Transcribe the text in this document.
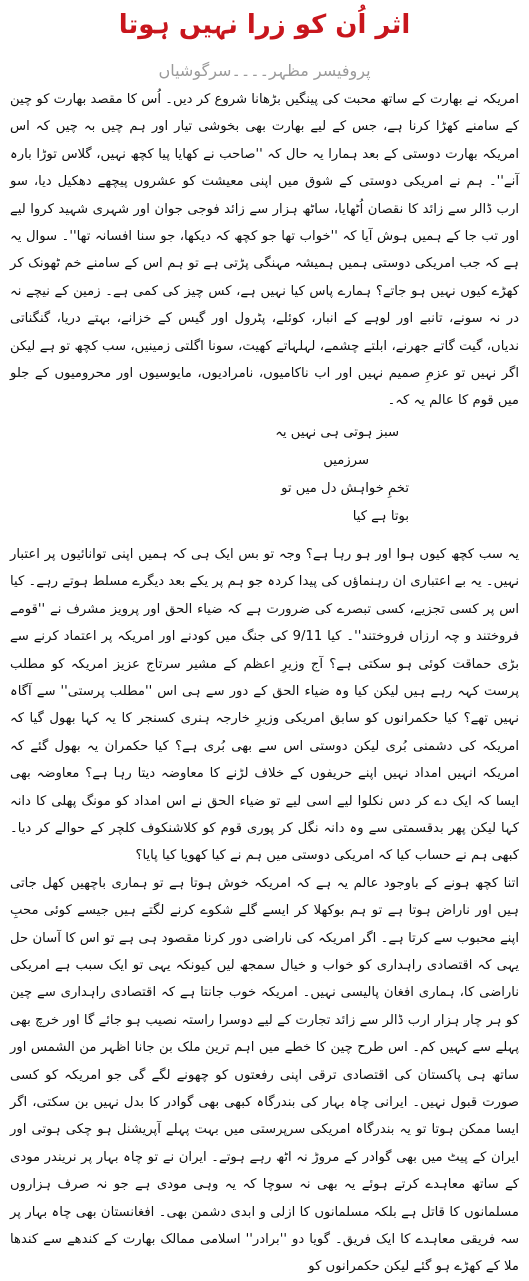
اثر اُن کو زرا نہیں ہوتا
پروفیسر مظہر۔۔۔۔سرگوشیاں

امریکہ نے بھارت کے ساتھ محبت کی پینگیں بڑھانا شروع کر دیں۔ اُس کا مقصد بھارت کو چین کے سامنے کھڑا کرنا ہے، جس کے لیے بھارت بھی بخوشی تیار اور ہم چیں بہ چیں کہ اس امریکہ بھارت دوستی کے بعد ہمارا یہ حال کہ ''صاحب نے کھایا پیا کچھ نہیں، گلاس توڑا بارہ آنے''۔ ہم نے امریکی دوستی کے شوق میں اپنی معیشت کو عشروں پیچھے دھکیل دیا، سو ارب ڈالر سے زائد کا نقصان اُٹھایا، ساٹھ ہزار سے زائد فوجی جوان اور شہری شہید کروا لیے اور تب جا کے ہمیں ہوش آیا کہ ''خواب تھا جو کچھ کہ دیکھا، جو سنا افسانہ تھا''۔ سوال یہ ہے کہ جب امریکی دوستی ہمیں ہمیشہ مہنگی پڑتی ہے تو ہم اس کے سامنے خم ٹھونک کر کھڑے کیوں نہیں ہو جاتے؟ ہمارے پاس کیا نہیں ہے، کس چیز کی کمی ہے۔ زمین کے نیچے نہ در نہ سونے، تانبے اور لوہے کے انبار، کوئلے، پٹرول اور گیس کے خزانے، بہتے دریا، گنگناتی ندیاں، گیت گاتے جھرنے، ابلتے چشمے، لہلہاتے کھیت، سونا اگلتی زمینیں، سب کچھ تو ہے لیکن اگر نہیں تو عزمِ صمیم نہیں اور اب ناکامیوں، نامرادیوں، مایوسیوں اور محرومیوں کے جلو میں قوم کا عالم یہ کہ۔

سبز ہوتی ہی نہیں یہ

سرزمیں

تخمِ خواہش دل میں تو

بوتا ہے کیا

یہ سب کچھ کیوں ہوا اور ہو رہا ہے؟ وجہ تو بس ایک ہی کہ ہمیں اپنی توانائیوں پر اعتبار نہیں۔ یہ بے اعتباری ان رہنماؤں کی پیدا کردہ جو ہم پر یکے بعد دیگرے مسلط ہوتے رہے۔ کیا اس پر کسی تجزیے، کسی تبصرے کی ضرورت ہے کہ ضیاء الحق اور پرویز مشرف نے ''قومے فروختند و چہ ارزاں فروختند''۔ کیا 9/11 کی جنگ میں کودنے اور امریکہ پر اعتماد کرنے سے بڑی حماقت کوئی ہو سکتی ہے؟ آج وزیرِ اعظم کے مشیر سرتاج عزیز امریکہ کو مطلب پرست کہہ رہے ہیں لیکن کیا وہ ضیاء الحق کے دور سے ہی اس ''مطلب پرستی'' سے آگاہ نہیں تھے؟ کیا حکمرانوں کو سابق امریکی وزیرِ خارجہ ہنری کسنجر کا یہ کہا بھول گیا کہ امریکہ کی دشمنی بُری لیکن دوستی اس سے بھی بُری ہے؟ کیا حکمران یہ بھول گئے کہ امریکہ انہیں امداد نہیں اپنے حریفوں کے خلاف لڑنے کا معاوضہ دیتا رہا ہے؟ معاوضہ بھی ایسا کہ ایک دے کر دس نکلوا لیے اسی لیے تو ضیاء الحق نے اس امداد کو مونگ پھلی کا دانہ کہا لیکن پھر بدقسمتی سے وہ دانہ نگل کر پوری قوم کو کلاشنکوف کلچر کے حوالے کر دیا۔ کبھی ہم نے حساب کیا کہ امریکی دوستی میں ہم نے کیا کھویا کیا پایا؟

اتنا کچھ ہونے کے باوجود عالم یہ ہے کہ امریکہ خوش ہوتا ہے تو ہماری باچھیں کھل جاتی ہیں اور ناراض ہوتا ہے تو ہم بوکھلا کر ایسے گلے شکوے کرنے لگتے ہیں جیسے کوئی محبِ اپنے محبوب سے کرتا ہے۔ اگر امریکہ کی ناراضی دور کرنا مقصود ہی ہے تو اس کا آسان حل یہی کہ اقتصادی راہداری کو خواب و خیال سمجھ لیں کیونکہ یہی تو ایک سبب ہے امریکی ناراضی کا، ہماری افغان پالیسی نہیں۔ امریکہ خوب جانتا ہے کہ اقتصادی راہداری سے چین کو ہر چار ہزار ارب ڈالر سے زائد تجارت کے لیے دوسرا راستہ نصیب ہو جائے گا اور خرچ بھی پہلے سے کہیں کم۔ اس طرح چین کا خطے میں اہم ترین ملک بن جانا اظہر من الشمس اور ساتھ ہی پاکستان کی اقتصادی ترقی اپنی رفعتوں کو چھونے لگے گی جو امریکہ کو کسی صورت قبول نہیں۔ ایرانی چاہ بہار کی بندرگاہ کبھی بھی گوادر کا بدل نہیں بن سکتی، اگر ایسا ممکن ہوتا تو یہ بندرگاہ امریکی سرپرستی میں بہت پہلے آپریشنل ہو چکی ہوتی اور ایران کے پیٹ میں بھی گوادر کے مروڑ نہ اٹھ رہے ہوتے۔ ایران نے تو چاہ بہار پر نریندر مودی کے ساتھ معاہدے کرتے ہوئے یہ بھی نہ سوچا کہ یہ وہی مودی ہے جو نہ صرف ہزاروں مسلمانوں کا قاتل ہے بلکہ مسلمانوں کا ازلی و ابدی دشمن بھی۔ افغانستان بھی چاہ بہار پر سہ فریقی معاہدے کا ایک فریق۔ گویا دو ''برادر'' اسلامی ممالک بھارت کے کندھے سے کندھا ملا کے کھڑے ہو گئے لیکن حکمرانوں کو
